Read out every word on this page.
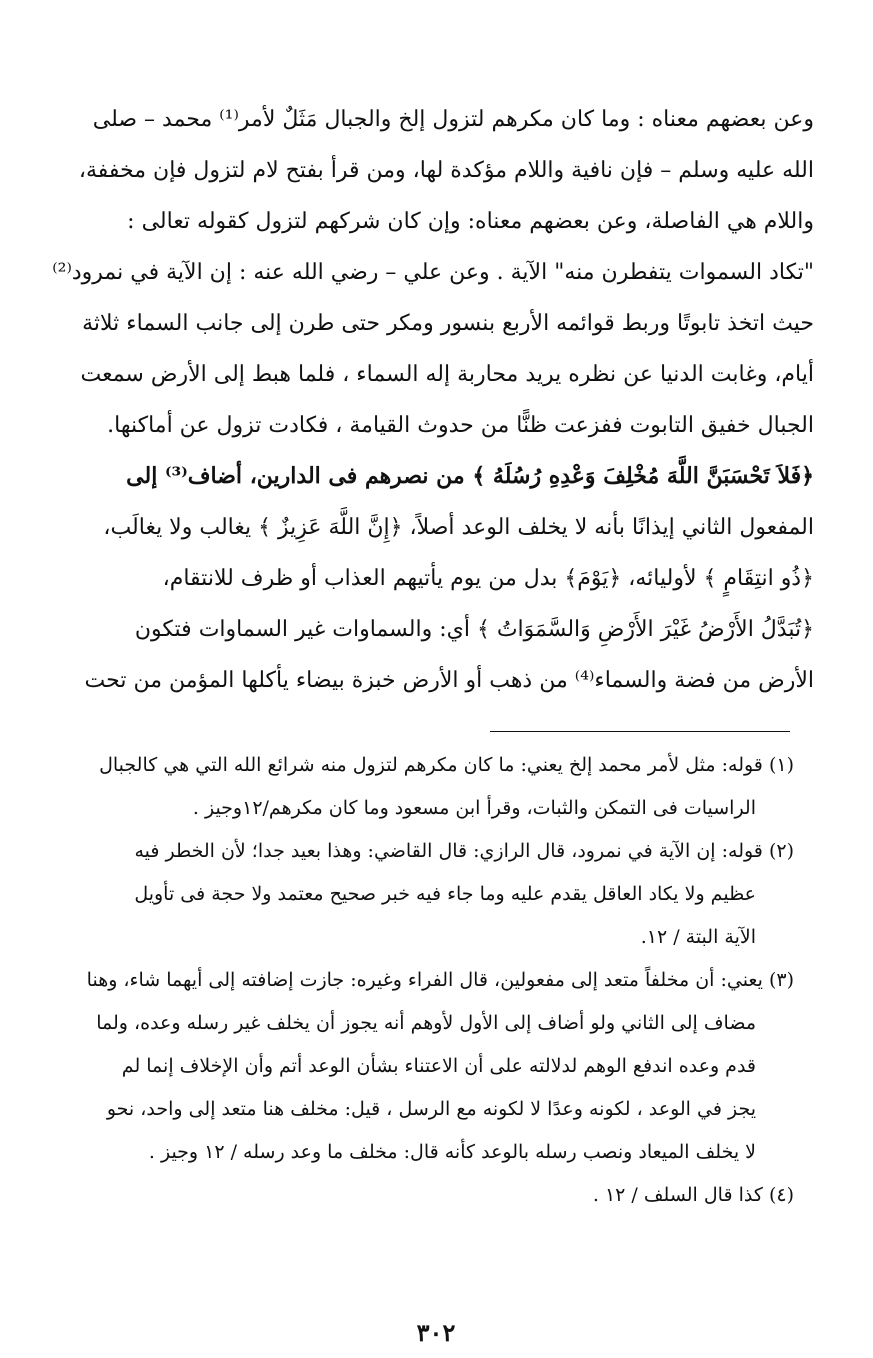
وعن بعضهم معناه : وما كان مكرهم لتزول إلخ والجبال مَثَلٌ لأمر⁽¹⁾ محمد – صلى
الله عليه وسلم – فإن نافية واللام مؤكدة لها، ومن قرأ بفتح لام لتزول فإن مخففة،
واللام هي الفاصلة، وعن بعضهم معناه: وإن كان شركهم لتزول كقوله تعالى :
"تكاد السموات يتفطرن منه" الآية . وعن علي – رضي الله عنه : إن الآية في نمرود⁽²⁾
حيث اتخذ تابوتًا وربط قوائمه الأربع بنسور ومكر حتى طرن إلى جانب السماء ثلاثة
أيام، وغابت الدنيا عن نظره يريد محاربة إله السماء ، فلما هبط إلى الأرض سمعت
الجبال خفيق التابوت ففزعت ظنًّا من حدوث القيامة ، فكادت تزول عن أماكنها.
﴿فَلاَ تَحْسَبَنَّ اللَّهَ مُخْلِفَ وَعْدِهِ رُسُلَهُ ﴾ من نصرهم فى الدارين، أضاف⁽³⁾ إلى
المفعول الثاني إيذانًا بأنه لا يخلف الوعد أصلاً، ﴿إِنَّ اللَّهَ عَزِيزٌ ﴾ يغالب ولا يغالَب،
﴿ذُو انتِقَامٍ ﴾ لأوليائه، ﴿يَوْمَ﴾ بدل من يوم يأتيهم العذاب أو ظرف للانتقام،
﴿تُبَدَّلُ الأَرْضُ غَيْرَ الأَرْضِ وَالسَّمَوَاتُ ﴾ أي: والسماوات غير السماوات فتكون
الأرض من فضة والسماء⁽⁴⁾ من ذهب أو الأرض خبزة بيضاء يأكلها المؤمن من تحت
(١) قوله: مثل لأمر محمد إلخ يعني: ما كان مكرهم لتزول منه شرائع الله التي هي كالجبال
الراسيات فى التمكن والثبات، وقرأ ابن مسعود وما كان مكرهم/١٢وجيز .
(٢) قوله: إن الآية في نمرود، قال الرازي: قال القاضي: وهذا بعيد جدا؛ لأن الخطر فيه
عظيم ولا يكاد العاقل يقدم عليه وما جاء فيه خبر صحيح معتمد ولا حجة فى تأويل
الآية البتة / ١٢.
(٣) يعني: أن مخلفاً متعد إلى مفعولين، قال الفراء وغيره: جازت إضافته إلى أيهما شاء، وهنا
مضاف إلى الثاني ولو أضاف إلى الأول لأوهم أنه يجوز أن يخلف غير رسله وعده، ولما
قدم وعده اندفع الوهم لدلالته على أن الاعتناء بشأن الوعد أتم وأن الإخلاف إنما لم
يجز في الوعد ، لكونه وعدًا لا لكونه مع الرسل ، قيل: مخلف هنا متعد إلى واحد، نحو
لا يخلف الميعاد ونصب رسله بالوعد كأنه قال: مخلف ما وعد رسله / ١٢ وجيز .
(٤) كذا قال السلف / ١٢ .
٣٠٢
